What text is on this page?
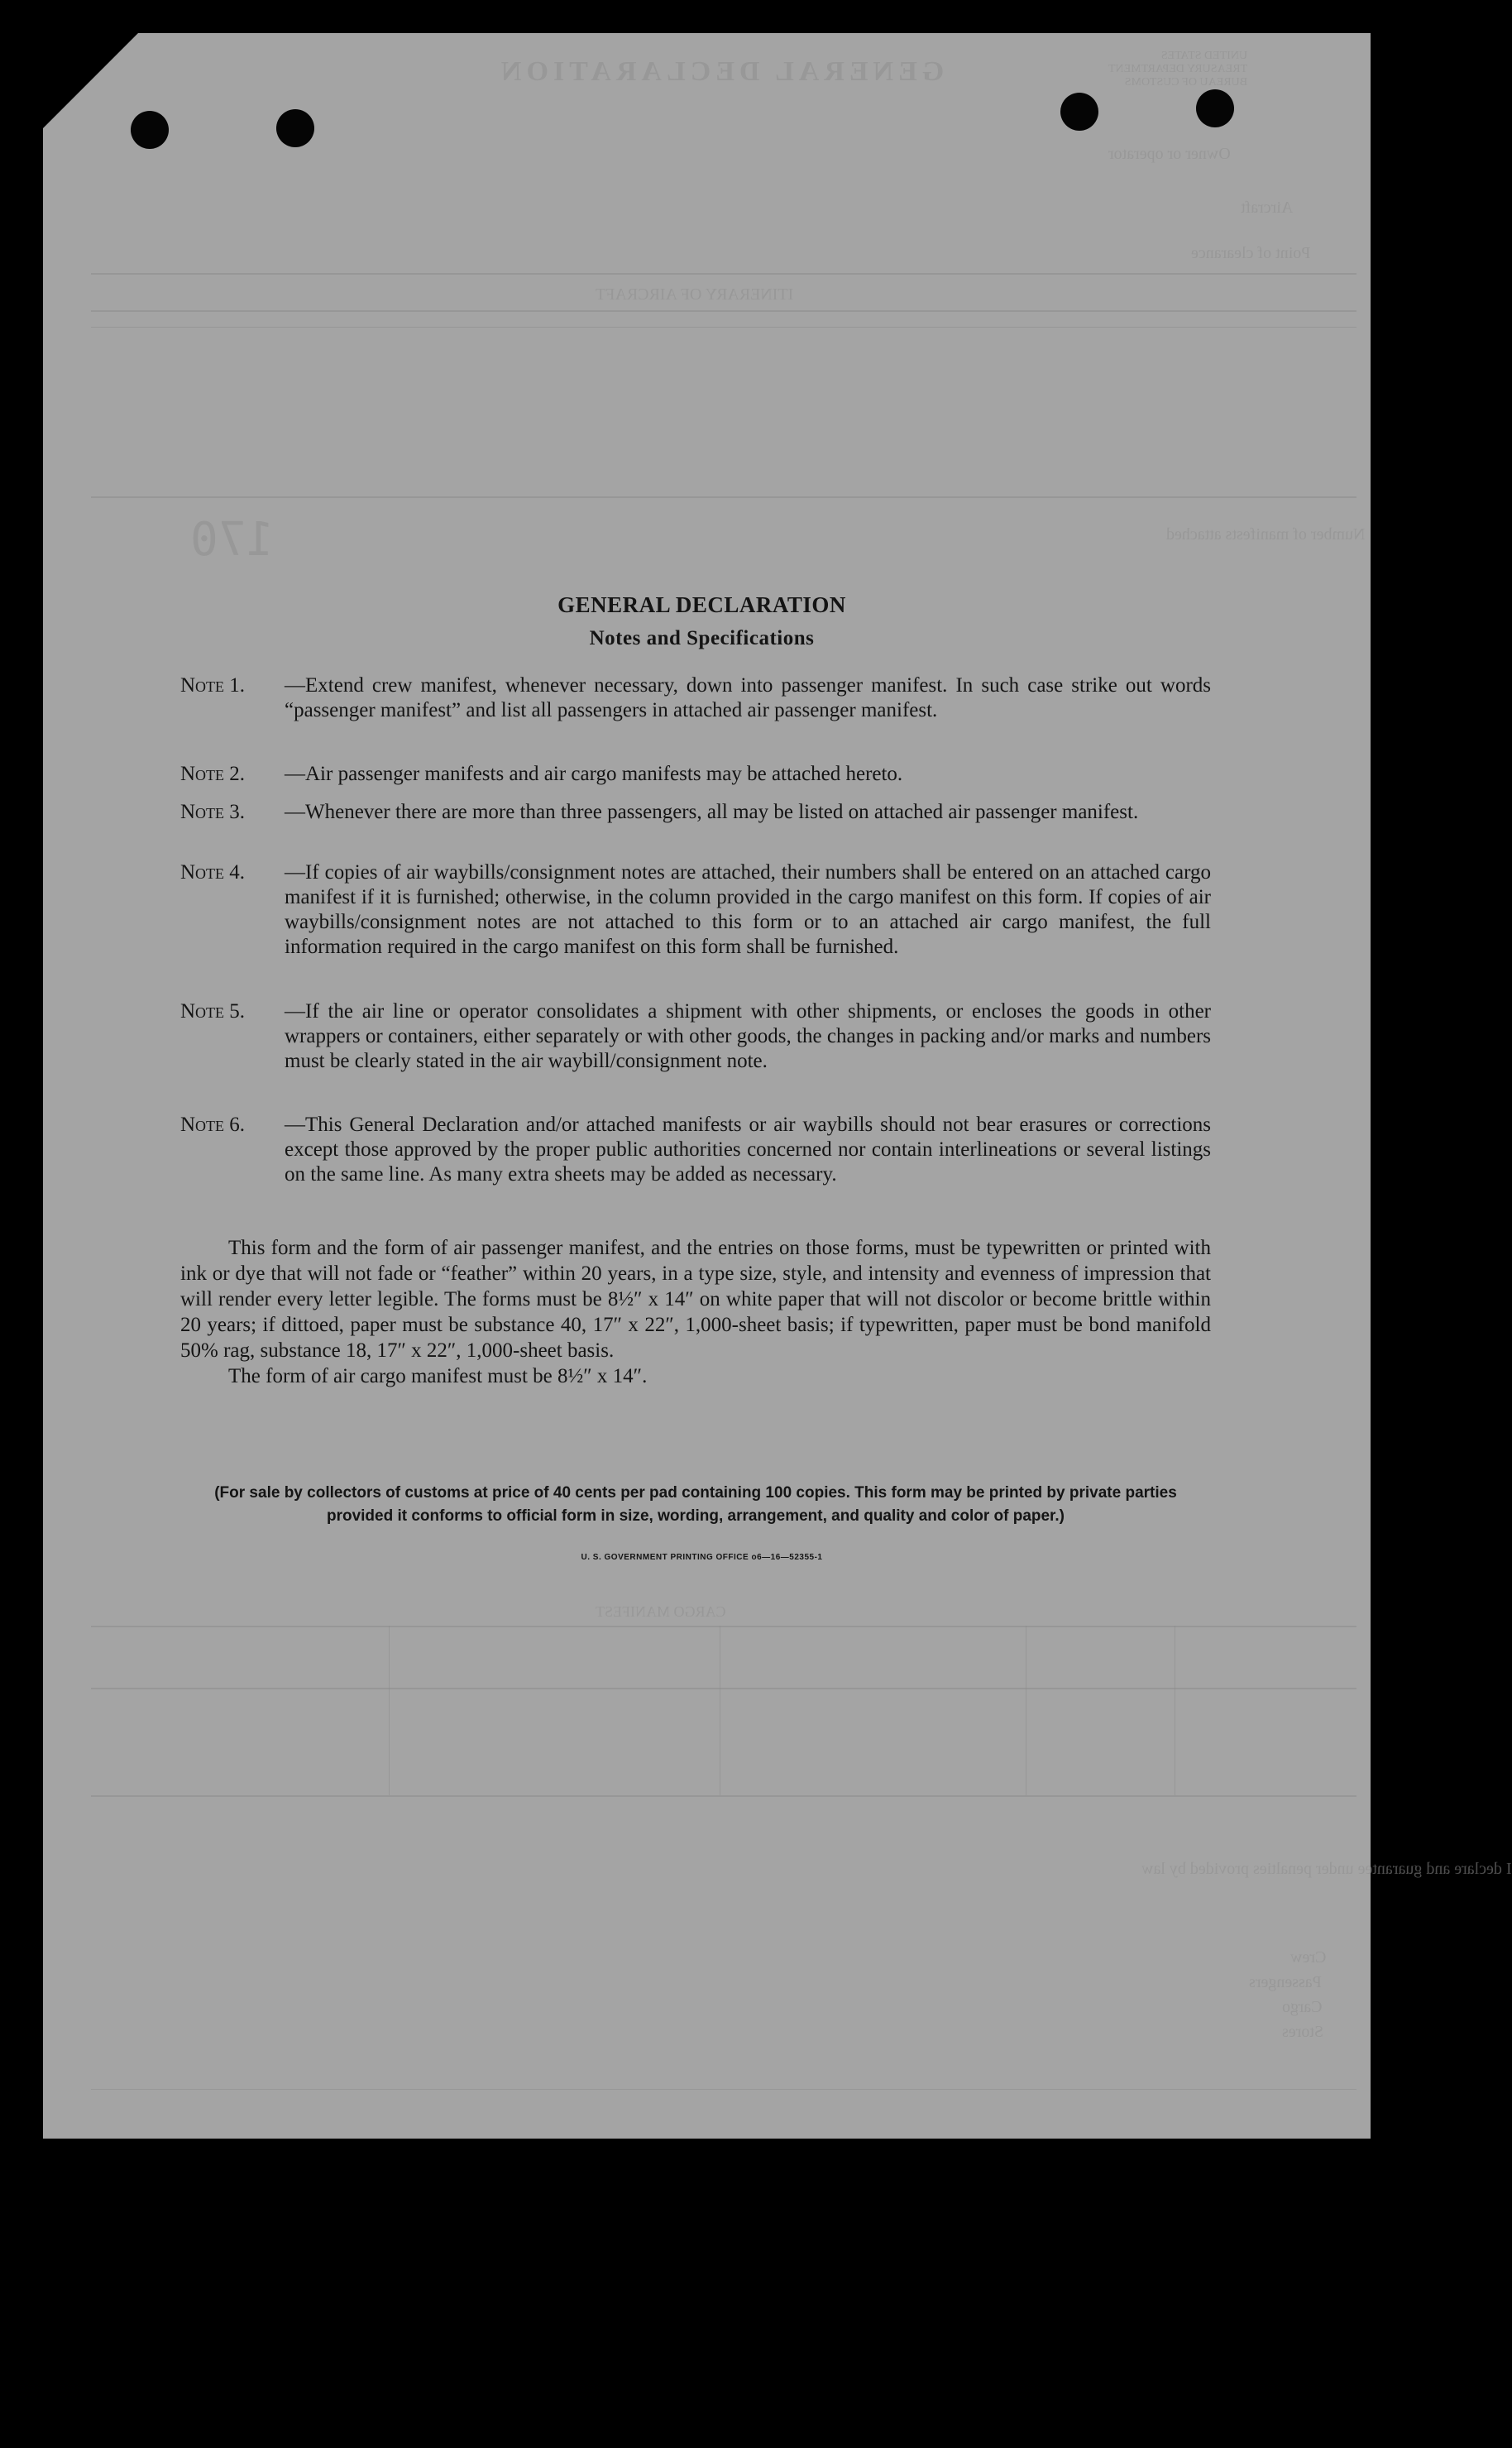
GENERAL DECLARATION
UNITED STATES
TREASURY DEPARTMENT
BUREAU OF CUSTOMS
Owner or operator
Aircraft
Point of clearance
ITINERARY OF AIRCRAFT
Number of manifests attached
170
I declare and guarantee under penalties provided by law
Crew
Passengers
Cargo
Stores
CARGO MANIFEST
GENERAL DECLARATION
Notes and Specifications
Note 1. —Extend crew manifest, whenever necessary, down into passenger manifest. In such case strike out words “passenger manifest” and list all passengers in attached air passenger manifest.
Note 2. —Air passenger manifests and air cargo manifests may be attached hereto.
Note 3. —Whenever there are more than three passengers, all may be listed on attached air passenger manifest.
Note 4. —If copies of air waybills/consignment notes are attached, their numbers shall be entered on an attached cargo manifest if it is furnished; otherwise, in the column provided in the cargo manifest on this form. If copies of air waybills/consignment notes are not attached to this form or to an attached air cargo manifest, the full information required in the cargo manifest on this form shall be furnished.
Note 5. —If the air line or operator consolidates a shipment with other shipments, or encloses the goods in other wrappers or containers, either separately or with other goods, the changes in packing and/or marks and numbers must be clearly stated in the air waybill/consignment note.
Note 6. —This General Declaration and/or attached manifests or air waybills should not bear erasures or corrections except those approved by the proper public authorities concerned nor contain interlineations or several listings on the same line. As many extra sheets may be added as necessary.

This form and the form of air passenger manifest, and the entries on those forms, must be typewritten or printed with ink or dye that will not fade or “feather” within 20 years, in a type size, style, and intensity and evenness of impression that will render every letter legible. The forms must be 8½″ x 14″ on white paper that will not discolor or become brittle within 20 years; if dittoed, paper must be substance 40, 17″ x 22″, 1,000-sheet basis; if typewritten, paper must be bond manifold 50% rag, substance 18, 17″ x 22″, 1,000-sheet basis.

The form of air cargo manifest must be 8½″ x 14″.

(For sale by collectors of customs at price of 40 cents per pad containing 100 copies. This form may be printed by private parties provided it conforms to official form in size, wording, arrangement, and quality and color of paper.)
U. S. GOVERNMENT PRINTING OFFICE o6—16—52355-1
